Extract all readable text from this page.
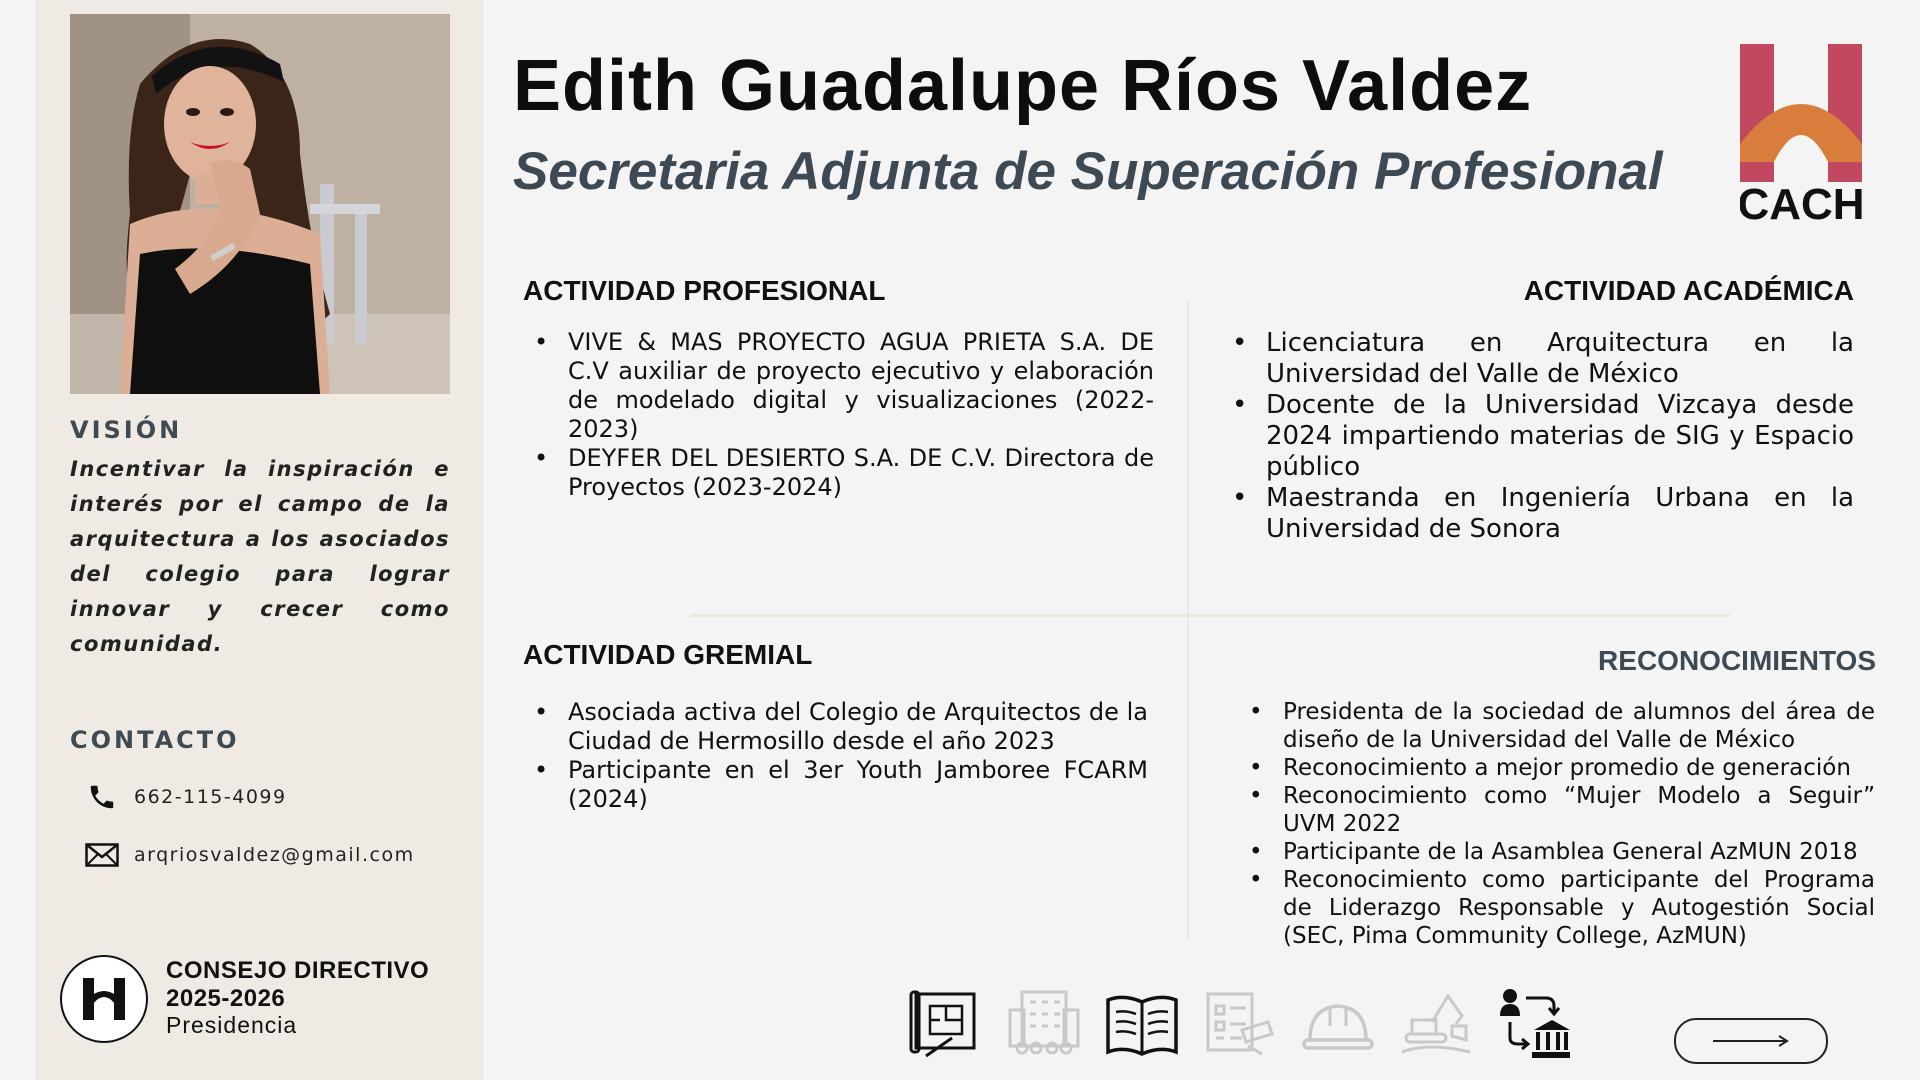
VISIÓN
Incentivar la inspiración e interés por el campo de la arquitectura a los asociados del colegio para lograr innovar y crecer como comunidad.
CONTACTO
662-115-4099
arqriosvaldez@gmail.com
CONSEJO DIRECTIVO
2025-2026
Presidencia
Edith Guadalupe Ríos Valdez
Secretaria Adjunta de Superación Profesional
CACH
ACTIVIDAD PROFESIONAL
• VIVE & MAS PROYECTO AGUA PRIETA S.A. DE C.V auxiliar de proyecto ejecutivo y elaboración de modelado digital y visualizaciones (2022-2023)
• DEYFER DEL DESIERTO S.A. DE C.V. Directora de Proyectos (2023-2024)
ACTIVIDAD ACADÉMICA
• Licenciatura en Arquitectura en la Universidad del Valle de México
• Docente de la Universidad Vizcaya desde 2024 impartiendo materias de SIG y Espacio público
• Maestranda en Ingeniería Urbana en la Universidad de Sonora
ACTIVIDAD GREMIAL
• Asociada activa del Colegio de Arquitectos de la Ciudad de Hermosillo desde el año 2023
• Participante en el 3er Youth Jamboree FCARM (2024)
RECONOCIMIENTOS
• Presidenta de la sociedad de alumnos del área de diseño de la Universidad del Valle de México
• Reconocimiento a mejor promedio de generación
• Reconocimiento como “Mujer Modelo a Seguir” UVM 2022
• Participante de la Asamblea General AzMUN 2018
• Reconocimiento como participante del Programa de Liderazgo Responsable y Autogestión Social (SEC, Pima Community College, AzMUN)
